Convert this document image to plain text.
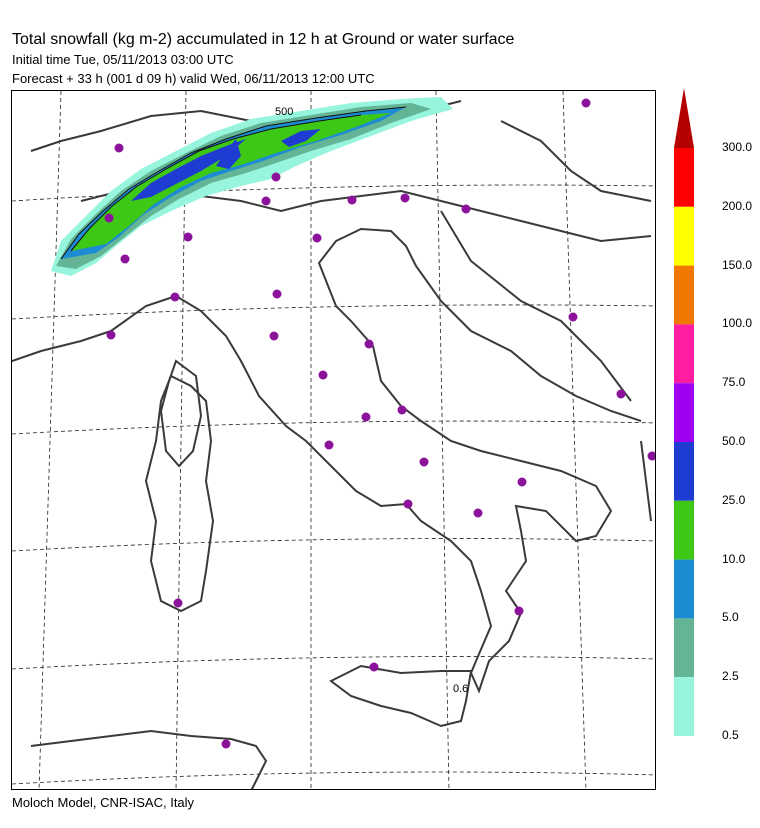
Total snowfall (kg m-2) accumulated in 12 h at Ground or water surface
Initial time Tue, 05/11/2013 03:00 UTC
Forecast + 33 h (001 d 09 h) valid Wed, 06/11/2013 12:00 UTC
500
0.6
300.0
200.0
150.0
100.0
75.0
50.0
25.0
10.0
5.0
2.5
0.5
Moloch Model, CNR-ISAC, Italy
